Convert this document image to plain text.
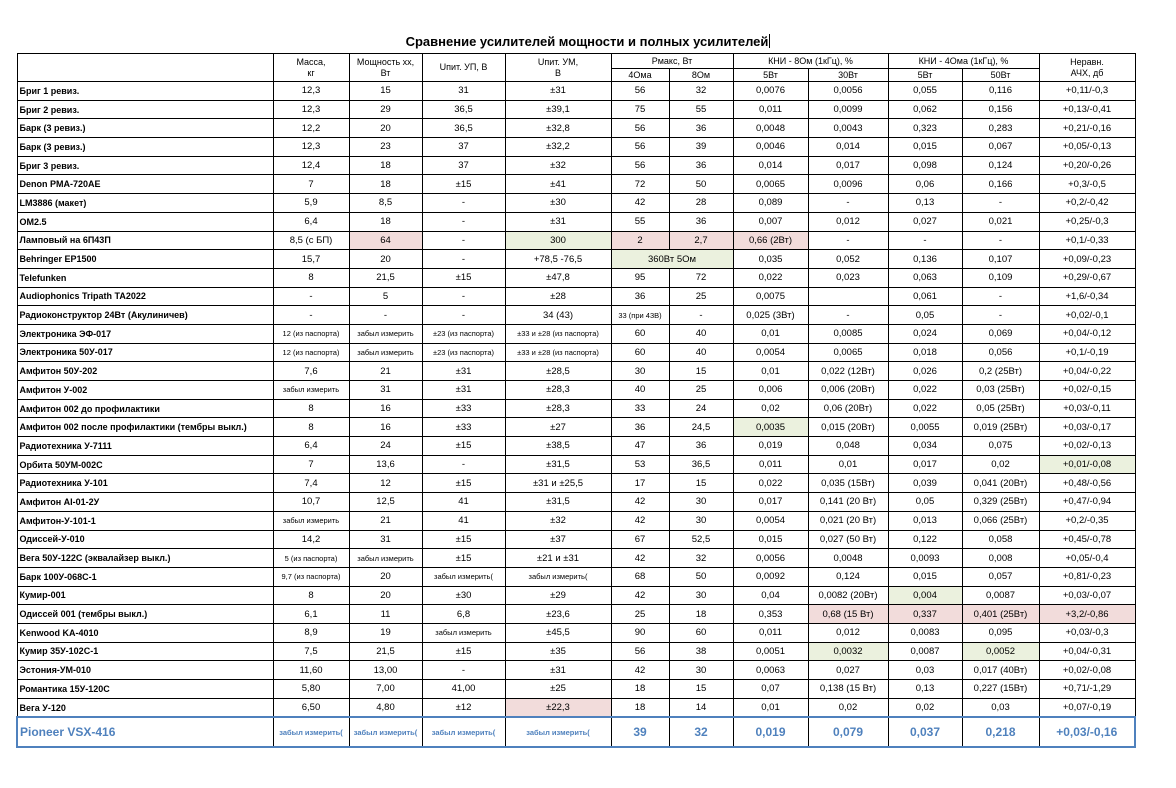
Сравнение усилителей мощности и полных усилителей
	Масса,
кг	Мощность хх,
Вт	Uпит. УП, В	Uпит. УМ,
В	Pмакс, Вт		КНИ - 8Ом (1кГц), %		КНИ - 4Ома (1кГц), %		Неравн.
АЧХ, дб
					4Ома	8Ом	5Вт	30Вт	5Вт	50Вт	
Бриг 1 ревиз.	12,3	15	31	±31	56	32	0,0076	0,0056	0,055	0,116	+0,11/-0,3
Бриг 2 ревиз.	12,3	29	36,5	±39,1	75	55	0,011	0,0099	0,062	0,156	+0,13/-0,41
Барк (3 ревиз.)	12,2	20	36,5	±32,8	56	36	0,0048	0,0043	0,323	0,283	+0,21/-0,16
Барк (3 ревиз.)	12,3	23	37	±32,2	56	39	0,0046	0,014	0,015	0,067	+0,05/-0,13
Бриг 3 ревиз.	12,4	18	37	±32	56	36	0,014	0,017	0,098	0,124	+0,20/-0,26
Denon PMA-720AE	7	18	±15	±41	72	50	0,0065	0,0096	0,06	0,166	+0,3/-0,5
LM3886 (макет)	5,9	8,5	-	±30	42	28	0,089	-	0,13	-	+0,2/-0,42
OM2.5	6,4	18	-	±31	55	36	0,007	0,012	0,027	0,021	+0,25/-0,3
Ламповый на 6П43П	8,5 (с БП)	64	-	300	2	2,7	0,66 (2Вт)	-	-	-	+0,1/-0,33
Behringer EP1500	15,7	20	-	+78,5 -76,5	360Вт 5Ом		0,035	0,052	0,136	0,107	+0,09/-0,23
Telefunken	8	21,5	±15	±47,8	95	72	0,022	0,023	0,063	0,109	+0,29/-0,67
Audiophonics Tripath TA2022	-	5	-	±28	36	25	0,0075		0,061	-	+1,6/-0,34
Радиоконструктор 24Вт (Акулиничев)	-	-	-	34 (43)	33 (при 43В)	-	0,025 (3Вт)	-	0,05	-	+0,02/-0,1
Электроника ЭФ-017	12 (из паспорта)	забыл измерить	±23 (из паспорта)	±33 и ±28 (из паспорта)	60	40	0,01	0,0085	0,024	0,069	+0,04/-0,12
Электроника 50У-017	12 (из паспорта)	забыл измерить	±23 (из паспорта)	±33 и ±28 (из паспорта)	60	40	0,0054	0,0065	0,018	0,056	+0,1/-0,19
Амфитон 50У-202	7,6	21	±31	±28,5	30	15	0,01	0,022 (12Вт)	0,026	0,2 (25Вт)	+0,04/-0,22
Амфитон У-002	забыл измерить	31	±31	±28,3	40	25	0,006	0,006 (20Вт)	0,022	0,03 (25Вт)	+0,02/-0,15
Амфитон 002 до профилактики	8	16	±33	±28,3	33	24	0,02	0,06 (20Вт)	0,022	0,05 (25Вт)	+0,03/-0,11
Амфитон 002 после профилактики (тембры выкл.)	8	16	±33	±27	36	24,5	0,0035	0,015 (20Вт)	0,0055	0,019 (25Вт)	+0,03/-0,17
Радиотехника У-7111	6,4	24	±15	±38,5	47	36	0,019	0,048	0,034	0,075	+0,02/-0,13
Орбита 50УМ-002С	7	13,6	-	±31,5	53	36,5	0,011	0,01	0,017	0,02	+0,01/-0,08
Радиотехника У-101	7,4	12	±15	±31 и ±25,5	17	15	0,022	0,035 (15Вт)	0,039	0,041 (20Вт)	+0,48/-0,56
Амфитон AI-01-2У	10,7	12,5	41	±31,5	42	30	0,017	0,141 (20 Вт)	0,05	0,329 (25Вт)	+0,47/-0,94
Амфитон-У-101-1	забыл измерить	21	41	±32	42	30	0,0054	0,021 (20 Вт)	0,013	0,066 (25Вт)	+0,2/-0,35
Одиссей-У-010	14,2	31	±15	±37	67	52,5	0,015	0,027 (50 Вт)	0,122	0,058	+0,45/-0,78
Вега 50У-122С (эквалайзер выкл.)	5 (из паспорта)	забыл измерить	±15	±21 и ±31	42	32	0,0056	0,0048	0,0093	0,008	+0,05/-0,4
Барк 100У-068С-1	9,7 (из паспорта)	20	забыл измерить(	забыл измерить(	68	50	0,0092	0,124	0,015	0,057	+0,81/-0,23
Кумир-001	8	20	±30	±29	42	30	0,04	0,0082 (20Вт)	0,004	0,0087	+0,03/-0,07
Одиссей 001 (тембры выкл.)	6,1	11	6,8	±23,6	25	18	0,353	0,68 (15 Вт)	0,337	0,401 (25Вт)	+3,2/-0,86
Kenwood KA-4010	8,9	19	забыл измерить	±45,5	90	60	0,011	0,012	0,0083	0,095	+0,03/-0,3
Кумир 35У-102С-1	7,5	21,5	±15	±35	56	38	0,0051	0,0032	0,0087	0,0052	+0,04/-0,31
Эстония-УМ-010	11,60	13,00	-	±31	42	30	0,0063	0,027	0,03	0,017 (40Вт)	+0,02/-0,08
Романтика 15У-120С	5,80	7,00	41,00	±25	18	15	0,07	0,138 (15 Вт)	0,13	0,227 (15Вт)	+0,71/-1,29
Вега У-120	6,50	4,80	±12	±22,3	18	14	0,01	0,02	0,02	0,03	+0,07/-0,19
Pioneer VSX-416	забыл измерить(	забыл измерить(	забыл измерить(	забыл измерить(	39	32	0,019	0,079	0,037	0,218	+0,03/-0,16
